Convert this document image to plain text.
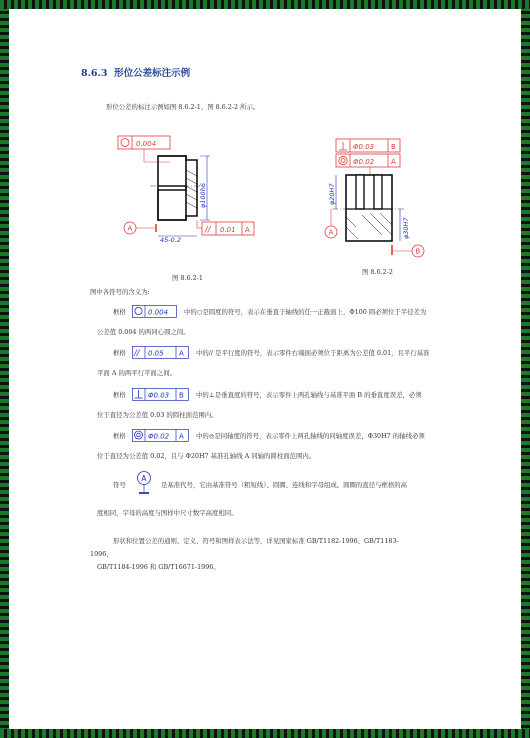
8.6.3 形位公差标注示例
形位公差的标注示例如图 8.6.2-1、图 8.6.2-2 所示。
0.004
φ100h6
A	// 0.01 A
45-0.2
图 8.6.2-1
Φ0.03 B
Φ0.02 A
φ20H7
φ30H7
A
B
图 8.6.2-2
图中各符号的含义为:
框格	0.004 中的○是圆度的符号，表示在垂直于轴线的任一正截面上，Φ100 圆必须位于半径差为
公差值 0.004 的两同心圆之间。
框格 // 0.05 A 中的// 是平行度的符号，表示零件右端面必须位于距离为公差值 0.01，且平行基准
平面 A 的两平行平面之间。
框格	Φ0.03 B 中的⊥是垂直度的符号，表示零件上两孔轴线与基准平面 B 的垂直度误差，必须
位于直径为公差值 0.03 的圆柱面范围内。
框格	Φ0.02 A 中的◎是同轴度的符号，表示零件上两孔轴线的同轴度误差，Φ30H7 的轴线必须
位于直径为公差值 0.02，且与 Φ20H7 基准孔轴线 A 同轴的圆柱面范围内。
符号
A
是基准代号，它由基准符号（粗短线）、圆圈、连线和字母组成。圆圈的直径与框格的高
度相同，字母的高度与图样中尺寸数字高度相同。
形状和位置公差的通则、定义、符号和图样表示法等，详见国家标准 GB/T1182-1996、GB/T1183-
1996、
GB/T1184-1996 和 GB/T16671-1996。
